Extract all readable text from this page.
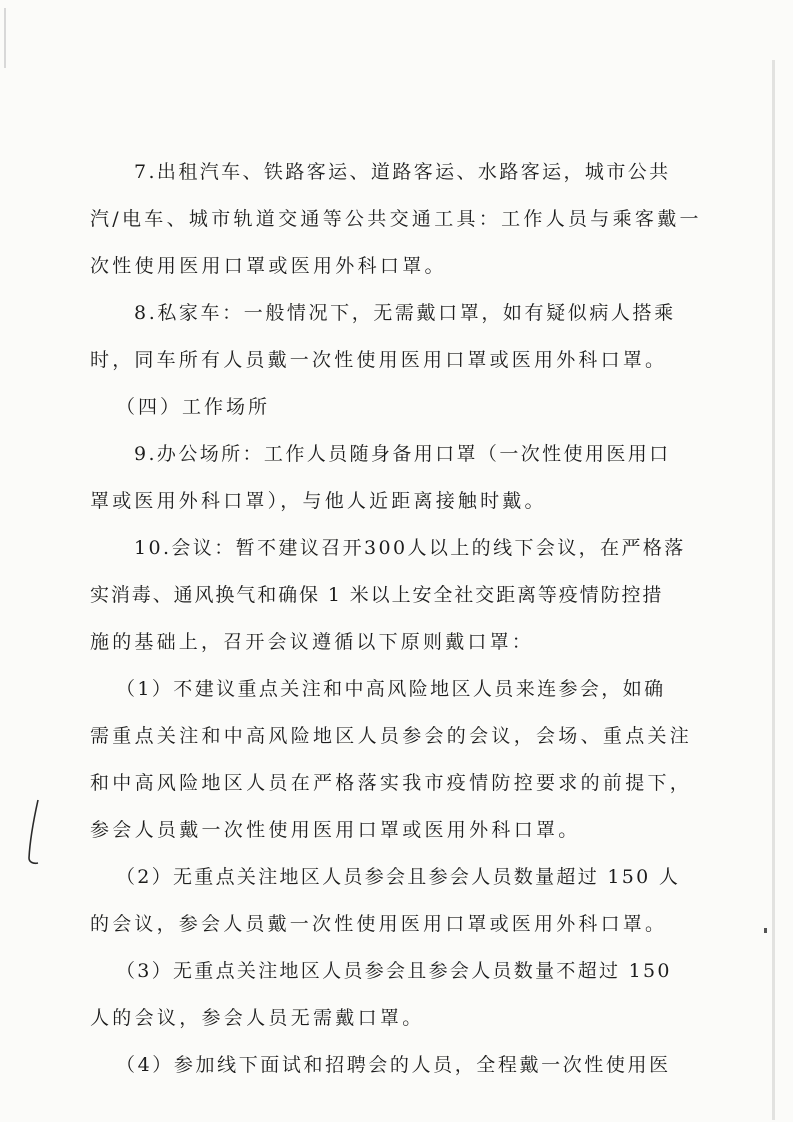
7.出租汽车、铁路客运、道路客运、水路客运，城市公共

汽/电车、城市轨道交通等公共交通工具：工作人员与乘客戴一

次性使用医用口罩或医用外科口罩。

8.私家车：一般情况下，无需戴口罩，如有疑似病人搭乘

时，同车所有人员戴一次性使用医用口罩或医用外科口罩。

（四）工作场所

9.办公场所：工作人员随身备用口罩（一次性使用医用口

罩或医用外科口罩），与他人近距离接触时戴。

10.会议：暂不建议召开300人以上的线下会议，在严格落

实消毒、通风换气和确保 1 米以上安全社交距离等疫情防控措

施的基础上，召开会议遵循以下原则戴口罩：

（1）不建议重点关注和中高风险地区人员来连参会，如确

需重点关注和中高风险地区人员参会的会议，会场、重点关注

和中高风险地区人员在严格落实我市疫情防控要求的前提下，

参会人员戴一次性使用医用口罩或医用外科口罩。

（2）无重点关注地区人员参会且参会人员数量超过 150 人

的会议，参会人员戴一次性使用医用口罩或医用外科口罩。

（3）无重点关注地区人员参会且参会人员数量不超过 150

人的会议，参会人员无需戴口罩。

（4）参加线下面试和招聘会的人员，全程戴一次性使用医
